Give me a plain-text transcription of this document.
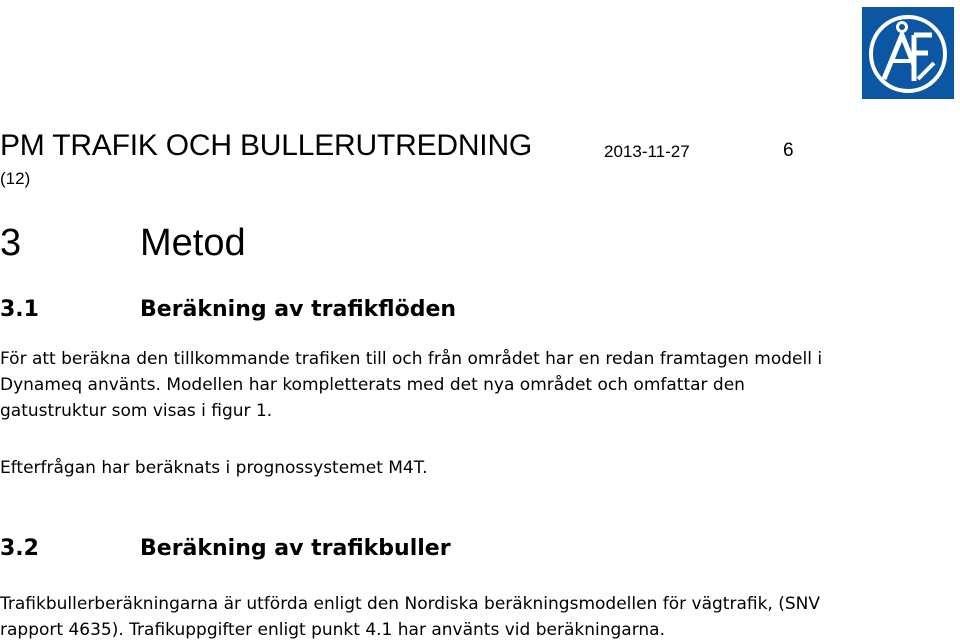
PM TRAFIK OCH BULLERUTREDNING	2013-11-27	6
(12)
3	Metod
3.1	Beräkning av trafikflöden
För att beräkna den tillkommande trafiken till och från området har en redan framtagen modell i Dynameq använts. Modellen har kompletterats med det nya området och omfattar den gatustruktur som visas i figur 1.
Efterfrågan har beräknats i prognossystemet M4T.
3.2	Beräkning av trafikbuller
Trafikbullerberäkningarna är utförda enligt den Nordiska beräkningsmodellen för vägtrafik, (SNV rapport 4635). Trafikuppgifter enligt punkt 4.1 har använts vid beräkningarna.
